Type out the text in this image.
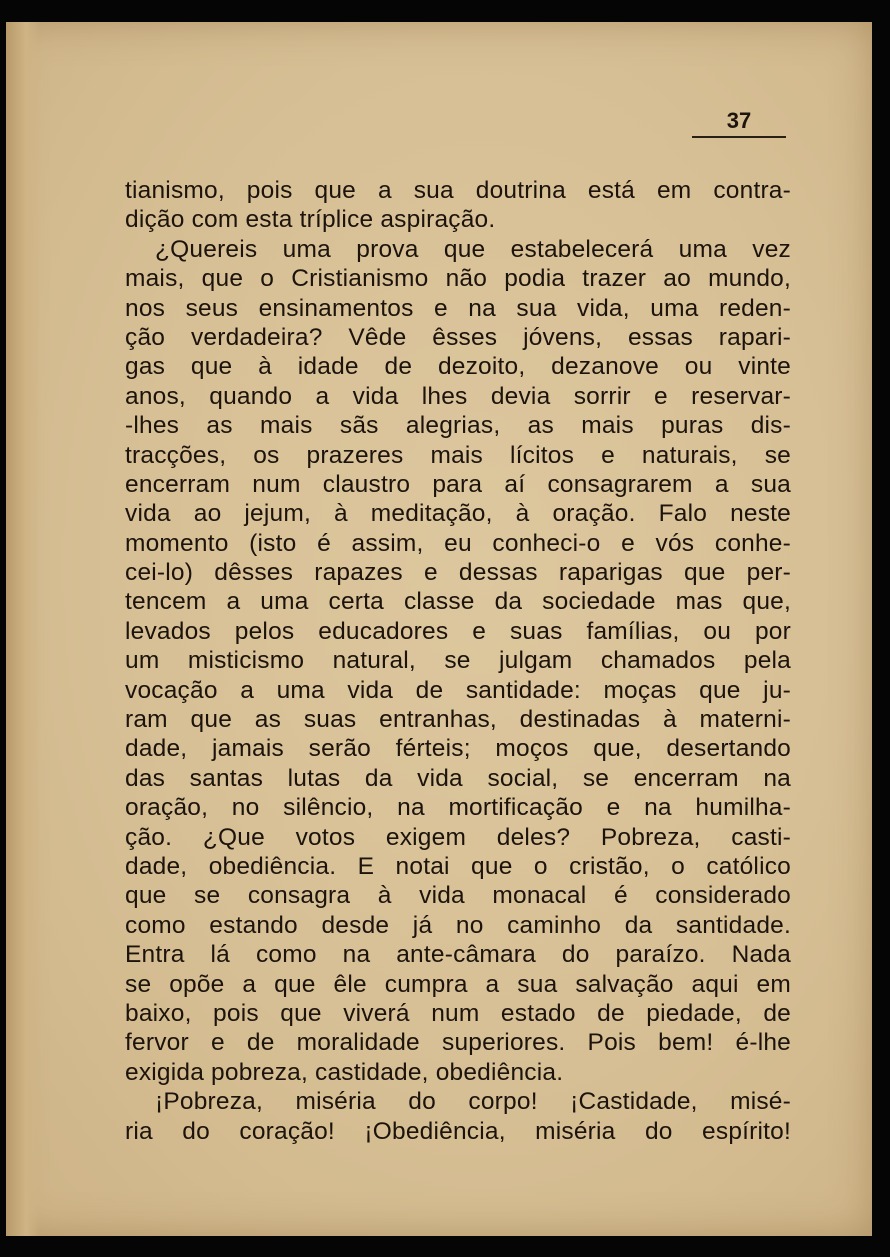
37
tianismo, pois que a sua doutrina está em contra-
dição com esta tríplice aspiração.
¿Quereis uma prova que estabelecerá uma vez
mais, que o Cristianismo não podia trazer ao mundo,
nos seus ensinamentos e na sua vida, uma reden-
ção verdadeira? Vêde êsses jóvens, essas rapari-
gas que à idade de dezoito, dezanove ou vinte
anos, quando a vida lhes devia sorrir e reservar-
-lhes as mais sãs alegrias, as mais puras dis-
tracções, os prazeres mais lícitos e naturais, se
encerram num claustro para aí consagrarem a sua
vida ao jejum, à meditação, à oração. Falo neste
momento (isto é assim, eu conheci-o e vós conhe-
cei-lo) dêsses rapazes e dessas raparigas que per-
tencem a uma certa classe da sociedade mas que,
levados pelos educadores e suas famílias, ou por
um misticismo natural, se julgam chamados pela
vocação a uma vida de santidade: moças que ju-
ram que as suas entranhas, destinadas à materni-
dade, jamais serão férteis; moços que, desertando
das santas lutas da vida social, se encerram na
oração, no silêncio, na mortificação e na humilha-
ção. ¿Que votos exigem deles? Pobreza, casti-
dade, obediência. E notai que o cristão, o católico
que se consagra à vida monacal é considerado
como estando desde já no caminho da santidade.
Entra lá como na ante-câmara do paraízo. Nada
se opõe a que êle cumpra a sua salvação aqui em
baixo, pois que viverá num estado de piedade, de
fervor e de moralidade superiores. Pois bem! é-lhe
exigida pobreza, castidade, obediência.
¡Pobreza, miséria do corpo! ¡Castidade, misé-
ria do coração! ¡Obediência, miséria do espírito!
